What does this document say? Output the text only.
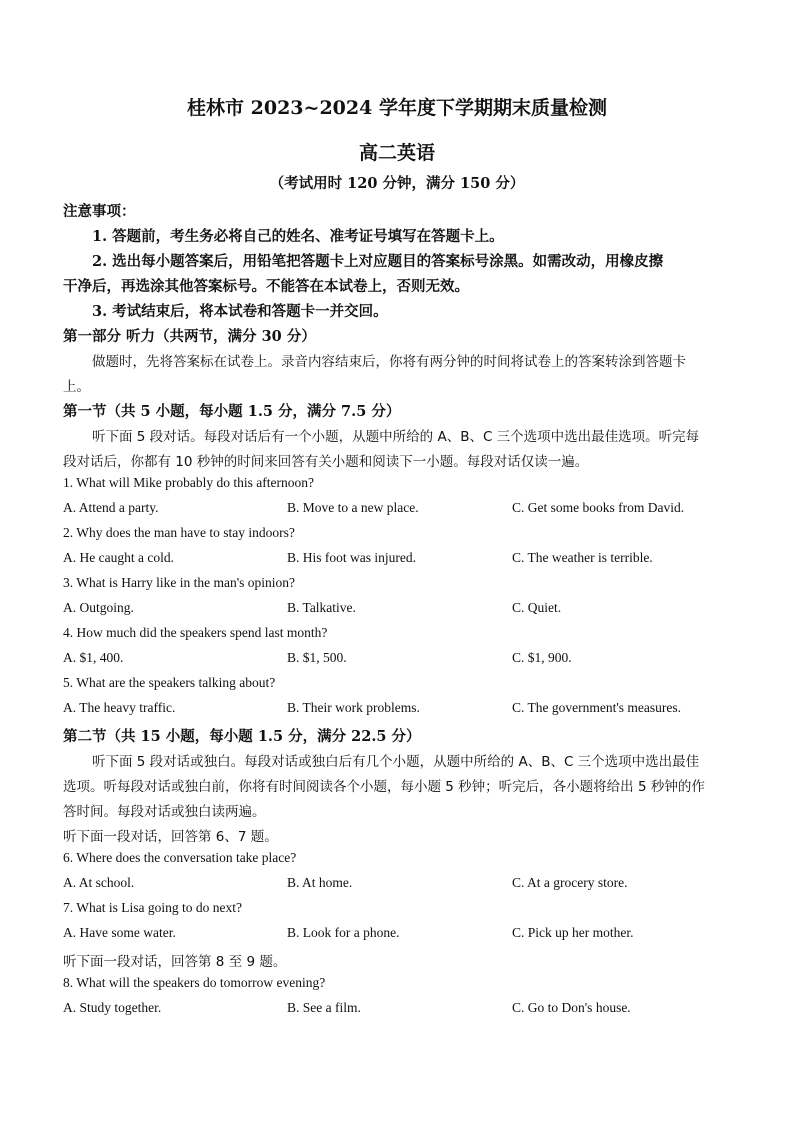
桂林市 2023~2024 学年度下学期期末质量检测
高二英语
（考试用时 120 分钟，满分 150 分）
注意事项：
1. 答题前，考生务必将自己的姓名、准考证号填写在答题卡上。
2. 选出每小题答案后，用铅笔把答题卡上对应题目的答案标号涂黑。如需改动，用橡皮擦
干净后，再选涂其他答案标号。不能答在本试卷上，否则无效。
3. 考试结束后，将本试卷和答题卡一并交回。
第一部分 听力（共两节，满分 30 分）
做题时，先将答案标在试卷上。录音内容结束后，你将有两分钟的时间将试卷上的答案转涂到答题卡
上。
第一节（共 5 小题，每小题 1.5 分，满分 7.5 分）
听下面 5 段对话。每段对话后有一个小题，从题中所给的 A、B、C 三个选项中选出最佳选项。听完每
段对话后，你都有 10 秒钟的时间来回答有关小题和阅读下一小题。每段对话仅读一遍。
1. What will Mike probably do this afternoon?
A. Attend a party.	B. Move to a new place.	C. Get some books from David.
2. Why does the man have to stay indoors?
A. He caught a cold.	B. His foot was injured.	C. The weather is terrible.
3. What is Harry like in the man's opinion?
A. Outgoing.	B. Talkative.	C. Quiet.
4. How much did the speakers spend last month?
A. $1, 400.	B. $1, 500.	C. $1, 900.
5. What are the speakers talking about?
A. The heavy traffic.	B. Their work problems.	C. The government's measures.
第二节（共 15 小题，每小题 1.5 分，满分 22.5 分）
听下面 5 段对话或独白。每段对话或独白后有几个小题，从题中所给的 A、B、C 三个选项中选出最佳
选项。听每段对话或独白前，你将有时间阅读各个小题，每小题 5 秒钟；听完后，各小题将给出 5 秒钟的作
答时间。每段对话或独白读两遍。
听下面一段对话，回答第 6、7 题。
6. Where does the conversation take place?
A. At school.	B. At home.	C. At a grocery store.
7. What is Lisa going to do next?
A. Have some water.	B. Look for a phone.	C. Pick up her mother.
听下面一段对话，回答第 8 至 9 题。
8. What will the speakers do tomorrow evening?
A. Study together.	B. See a film.	C. Go to Don's house.
